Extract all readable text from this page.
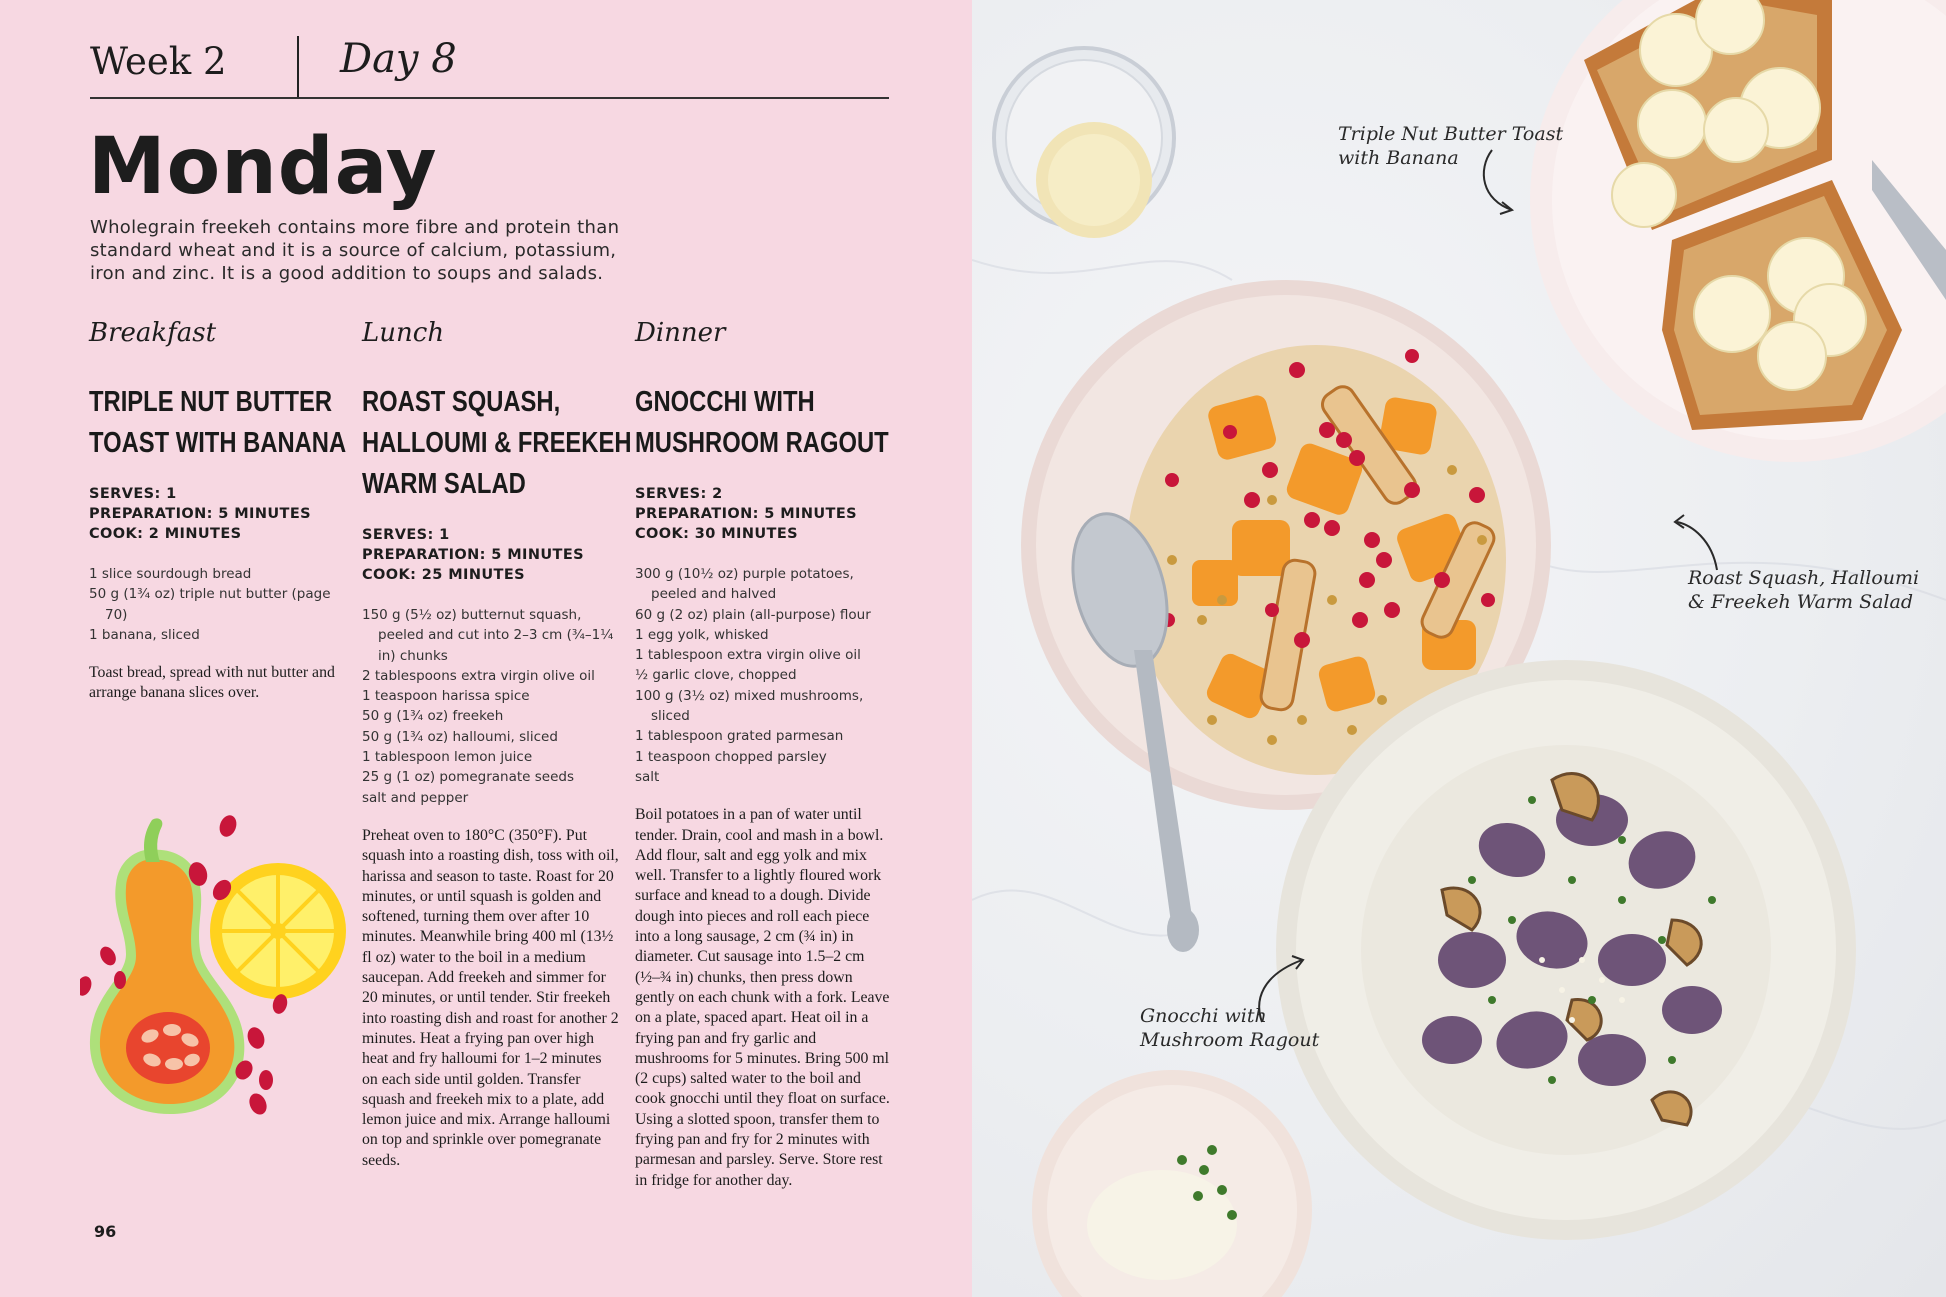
Week 2	Day 8
Monday
Wholegrain freekeh contains more fibre and protein than standard wheat and it is a source of calcium, potassium, iron and zinc. It is a good addition to soups and salads.
Breakfast
TRIPLE NUT BUTTER
TOAST WITH BANANA
SERVES: 1
PREPARATION: 5 MINUTES
COOK: 2 MINUTES
1 slice sourdough bread
50 g (1¾ oz) triple nut butter (page 70)
1 banana, sliced
Toast bread, spread with nut butter and arrange banana slices over.
Lunch
ROAST SQUASH,
HALLOUMI & FREEKEH
WARM SALAD
SERVES: 1
PREPARATION: 5 MINUTES
COOK: 25 MINUTES
150 g (5½ oz) butternut squash, peeled and cut into 2–3 cm (¾–1¼ in) chunks
2 tablespoons extra virgin olive oil
1 teaspoon harissa spice
50 g (1¾ oz) freekeh
50 g (1¾ oz) halloumi, sliced
1 tablespoon lemon juice
25 g (1 oz) pomegranate seeds
salt and pepper
Preheat oven to 180°C (350°F). Put squash into a roasting dish, toss with oil, harissa and season to taste. Roast for 20 minutes, or until squash is golden and softened, turning them over after 10 minutes. Meanwhile bring 400 ml (13½ fl oz) water to the boil in a medium saucepan. Add freekeh and simmer for 20 minutes, or until tender. Stir freekeh into roasting dish and roast for another 2 minutes. Heat a frying pan over high heat and fry halloumi for 1–2 minutes on each side until golden. Transfer squash and freekeh mix to a plate, add lemon juice and mix. Arrange halloumi on top and sprinkle over pomegranate seeds.
Dinner
GNOCCHI WITH
MUSHROOM RAGOUT
SERVES: 2
PREPARATION: 5 MINUTES
COOK: 30 MINUTES
300 g (10½ oz) purple potatoes, peeled and halved
60 g (2 oz) plain (all-purpose) flour
1 egg yolk, whisked
1 tablespoon extra virgin olive oil
½ garlic clove, chopped
100 g (3½ oz) mixed mushrooms, sliced
1 tablespoon grated parmesan
1 teaspoon chopped parsley
salt
Boil potatoes in a pan of water until tender. Drain, cool and mash in a bowl. Add flour, salt and egg yolk and mix well. Transfer to a lightly floured work surface and knead to a dough. Divide dough into pieces and roll each piece into a long sausage, 2 cm (¾ in) in diameter. Cut sausage into 1.5–2 cm (½–¾ in) chunks, then press down gently on each chunk with a fork. Leave on a plate, spaced apart. Heat oil in a frying pan and fry garlic and mushrooms for 5 minutes. Bring 500 ml (2 cups) salted water to the boil and cook gnocchi until they float on surface. Using a slotted spoon, transfer them to frying pan and fry for 2 minutes with parmesan and parsley. Serve. Store rest in fridge for another day.
96
Triple Nut Butter Toast
with Banana
Roast Squash, Halloumi
& Freekeh Warm Salad
Gnocchi with
Mushroom Ragout
